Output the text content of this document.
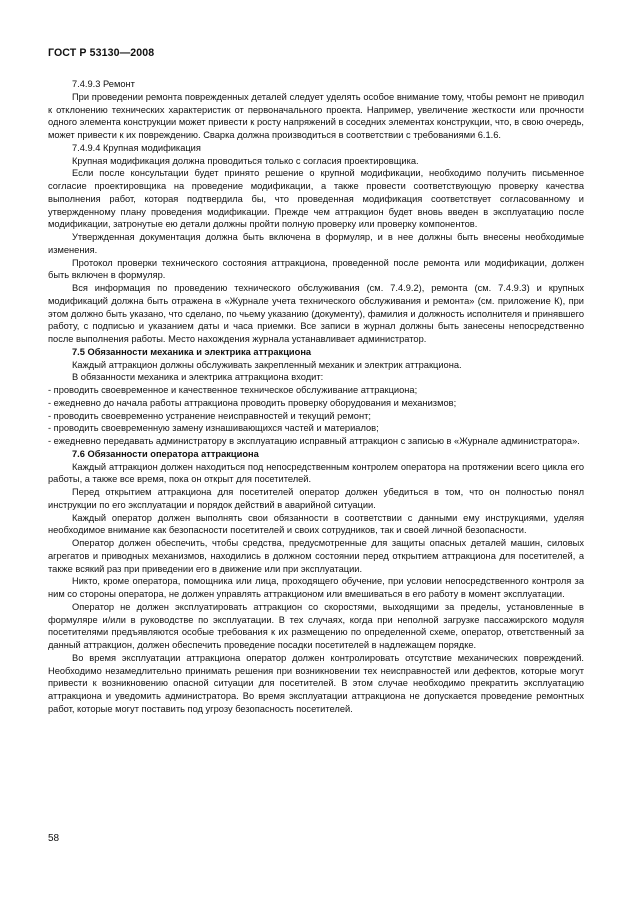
ГОСТ Р 53130—2008

7.4.9.3 Ремонт

При проведении ремонта поврежденных деталей следует уделять особое внимание тому, чтобы ремонт не приводил к отклонению технических характеристик от первоначального проекта. Например, увеличение жесткости или прочности одного элемента конструкции может привести к росту напряжений в соседних элементах конструкции, что, в свою очередь, может привести к их повреждению. Сварка должна производиться в соответствии с требованиями 6.1.6.

7.4.9.4 Крупная модификация

Крупная модификация должна проводиться только с согласия проектировщика.

Если после консультации будет принято решение о крупной модификации, необходимо получить письменное согласие проектировщика на проведение модификации, а также провести соответствующую проверку качества выполнения работ, которая подтвердила бы, что проведенная модификация соответствует согласованному и утвержденному плану проведения модификации. Прежде чем аттракцион будет вновь введен в эксплуатацию после модификации, затронутые ею детали должны пройти полную проверку или проверку компонентов.

Утвержденная документация должна быть включена в формуляр, и в нее должны быть внесены необходимые изменения.

Протокол проверки технического состояния аттракциона, проведенной после ремонта или модификации, должен быть включен в формуляр.

Вся информация по проведению технического обслуживания (см. 7.4.9.2), ремонта (см. 7.4.9.3) и крупных модификаций должна быть отражена в «Журнале учета технического обслуживания и ремонта» (см. приложение К), при этом должно быть указано, что сделано, по чьему указанию (документу), фамилия и должность исполнителя и принявшего работу, с подписью и указанием даты и часа приемки. Все записи в журнал должны быть занесены непосредственно после выполнения работы. Место нахождения журнала устанавливает администратор.

7.5 Обязанности механика и электрика аттракциона

Каждый аттракцион должны обслуживать закрепленный механик и электрик аттракциона.

В обязанности механика и электрика аттракциона входит:

- проводить своевременное и качественное техническое обслуживание аттракциона;

- ежедневно до начала работы аттракциона проводить проверку оборудования и механизмов;

- проводить своевременно устранение неисправностей и текущий ремонт;

- проводить своевременную замену изнашивающихся частей и материалов;

- ежедневно передавать администратору в эксплуатацию исправный аттракцион с записью в «Журнале администратора».

7.6 Обязанности оператора аттракциона

Каждый аттракцион должен находиться под непосредственным контролем оператора на протяжении всего цикла его работы, а также все время, пока он открыт для посетителей.

Перед открытием аттракциона для посетителей оператор должен убедиться в том, что он полностью понял инструкции по его эксплуатации и порядок действий в аварийной ситуации.

Каждый оператор должен выполнять свои обязанности в соответствии с данными ему инструкциями, уделяя необходимое внимание как безопасности посетителей и своих сотрудников, так и своей личной безопасности.

Оператор должен обеспечить, чтобы средства, предусмотренные для защиты опасных деталей машин, силовых агрегатов и приводных механизмов, находились в должном состоянии перед открытием аттракциона для посетителей, а также всякий раз при приведении его в движение или при эксплуатации.

Никто, кроме оператора, помощника или лица, проходящего обучение, при условии непосредственного контроля за ним со стороны оператора, не должен управлять аттракционом или вмешиваться в его работу в момент эксплуатации.

Оператор не должен эксплуатировать аттракцион со скоростями, выходящими за пределы, установленные в формуляре и/или в руководстве по эксплуатации. В тех случаях, когда при неполной загрузке пассажирского модуля посетителями предъявляются особые требования к их размещению по определенной схеме, оператор, ответственный за данный аттракцион, должен обеспечить проведение посадки посетителей в надлежащем порядке.

Во время эксплуатации аттракциона оператор должен контролировать отсутствие механических повреждений. Необходимо незамедлительно принимать решения при возникновении тех неисправностей или дефектов, которые могут привести к возникновению опасной ситуации для посетителей. В этом случае необходимо прекратить эксплуатацию аттракциона и уведомить администратора. Во время эксплуатации аттракциона не допускается проведение ремонтных работ, которые могут поставить под угрозу безопасность посетителей.

58
